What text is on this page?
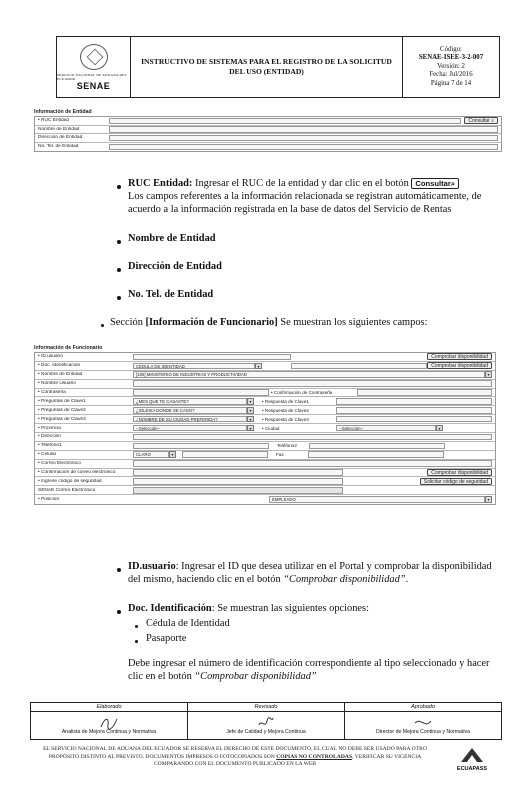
SERVICIO NACIONAL DE ADUANA DEL ECUADOR
SENAE
INSTRUCTIVO DE SISTEMAS PARA EL REGISTRO DE LA SOLICITUD DEL USO (ENTIDAD)
Código:
SENAE-ISEE-3-2-007
Versión: 2
Fecha: Jul/2016
Página 7 de 14
Información de Entidad
• RUC Entidad	Consultar ⌕
Nombre de Entidad
Dirección de Entidad
No. Tel. de Entidad
RUC Entidad: Ingresar el RUC de la entidad y dar clic en el botón Consultar⌕
Los campos referentes a la información relacionada se registran automáticamente, de acuerdo a la información registrada en la base de datos del Servicio de Rentas
Nombre de Entidad
Dirección de Entidad
No. Tel. de Entidad
Sección [Información de Funcionario] Se muestran los siguientes campos:
Información de Funcionario
• ID.usuario	Comprobar disponibilidad
• Doc. Identificación	CEDULA DE IDENTIDAD	▾	Comprobar disponibilidad
• Nombre de Entidad	[105] MINISTERIO DE INDUSTRIAS Y PRODUCTIVIDAD	▾
• Nombre Usuario
• Contraseña	• Confirmación de Contraseña
• Preguntas de Clave1	¿MES QUE TE CASASTE?	▾	• Respuesta de Clave1
• Preguntas de Clave2	¿IGLESIA DONDE SE CASO?	▾	• Respuesta de Clave2
• Preguntas de Clave3	¿NOMBRE DE SU CIUDAD PREFERIDA?	▾	• Respuesta de Clave3
• Provincia	--Selección--	▾	• Ciudad	--Selección--	▾
• Dirección
• Teléfono1	Teléfono2
• Celular	CLARO	▾	Fax
• Correo Electrónico
• Confirmación de correo electrónico	Comprobar disponibilidad
• Ingrese código de seguridad	Solicitar código de seguridad
SENAE Correo Electrónico
• Posición	EMPLEADO	▾
ID.usuario: Ingresar el ID que desea utilizar en el Portal y comprobar la disponibilidad del mismo, haciendo clic en el botón “Comprobar disponibilidad”.
Doc. Identificación: Se muestran las siguientes opciones:
Cédula de Identidad
Pasaporte
Debe ingresar el número de identificación correspondiente al tipo seleccionado y hacer clic en el botón “Comprobar disponibilidad”
Elaborado
Analista de Mejora Continua y Normativa
Revisado
Jefe de Calidad y Mejora Continua
Aprobado
Director de Mejora Continua y Normativa
EL SERVICIO NACIONAL DE ADUANA DEL ECUADOR SE RESERVA EL DERECHO DE ESTE DOCUMENTO, EL CUAL NO DEBE SER USADO PARA OTRO PROPÓSITO DISTINTO AL PREVISTO. DOCUMENTOS IMPRESOS O FOTOCOPIADOS SON COPIAS NO CONTROLADAS, VERIFICAR SU VIGENCIA COMPARANDO CON EL DOCUMENTO PUBLICADO EN LA WEB
ECUAPASS
